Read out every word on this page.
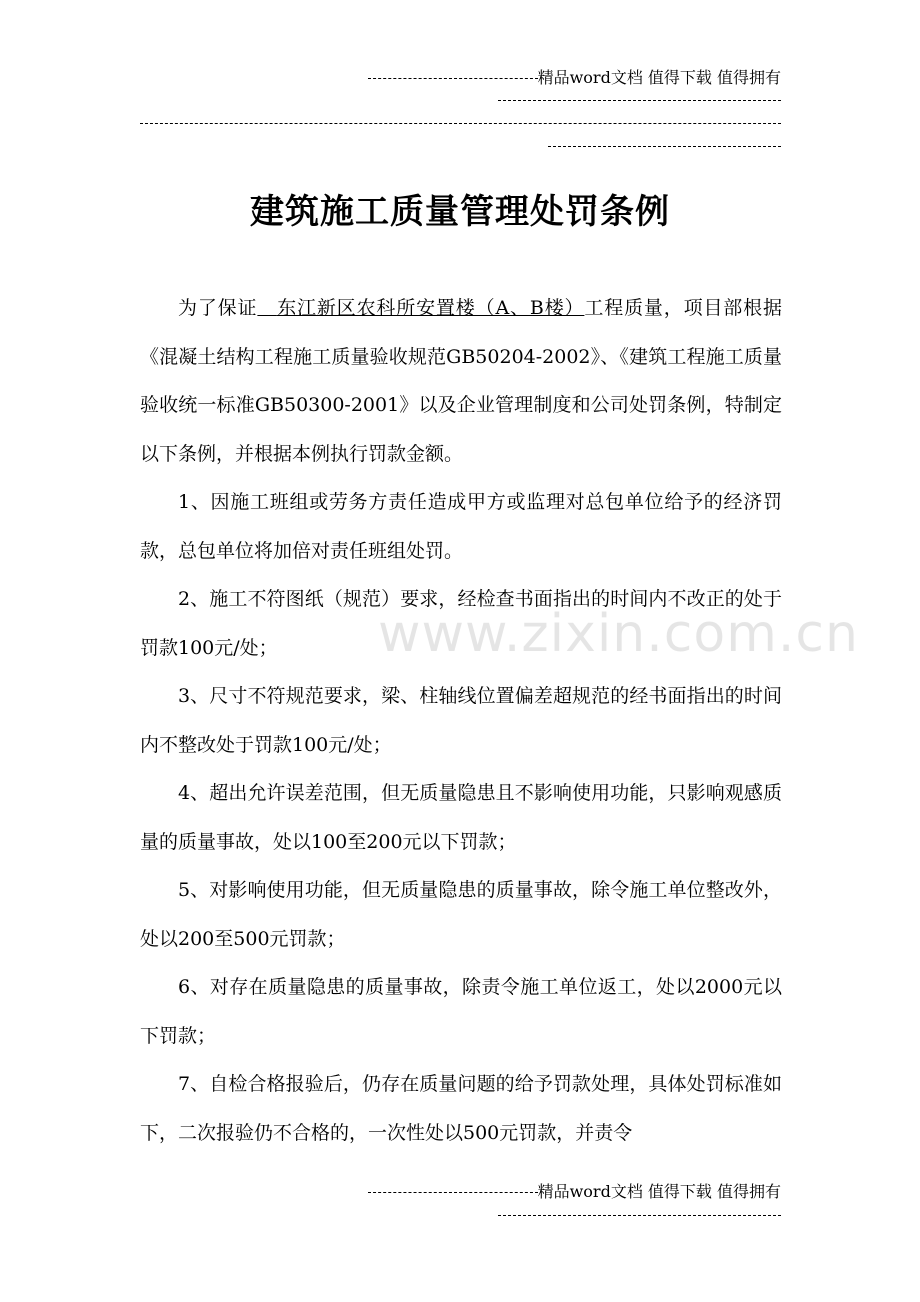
精品word文档 值得下载 值得拥有
建筑施工质量管理处罚条例

为了保证  东江新区农科所安置楼（A、B楼）工程质量，项目部根据《混凝土结构工程施工质量验收规范GB50204-2002》、《建筑工程施工质量验收统一标准GB50300-2001》以及企业管理制度和公司处罚条例，特制定以下条例，并根据本例执行罚款金额。

1、因施工班组或劳务方责任造成甲方或监理对总包单位给予的经济罚款，总包单位将加倍对责任班组处罚。

2、施工不符图纸（规范）要求，经检查书面指出的时间内不改正的处于罚款100元/处；

3、尺寸不符规范要求，梁、柱轴线位置偏差超规范的经书面指出的时间内不整改处于罚款100元/处；

4、超出允许误差范围，但无质量隐患且不影响使用功能，只影响观感质量的质量事故，处以100至200元以下罚款；

5、对影响使用功能，但无质量隐患的质量事故，除令施工单位整改外，处以200至500元罚款；

6、对存在质量隐患的质量事故，除责令施工单位返工，处以2000元以下罚款；

7、自检合格报验后，仍存在质量问题的给予罚款处理，具体处罚标准如下，二次报验仍不合格的，一次性处以500元罚款，并责令

www.zixin.com.cn
精品word文档 值得下载 值得拥有
